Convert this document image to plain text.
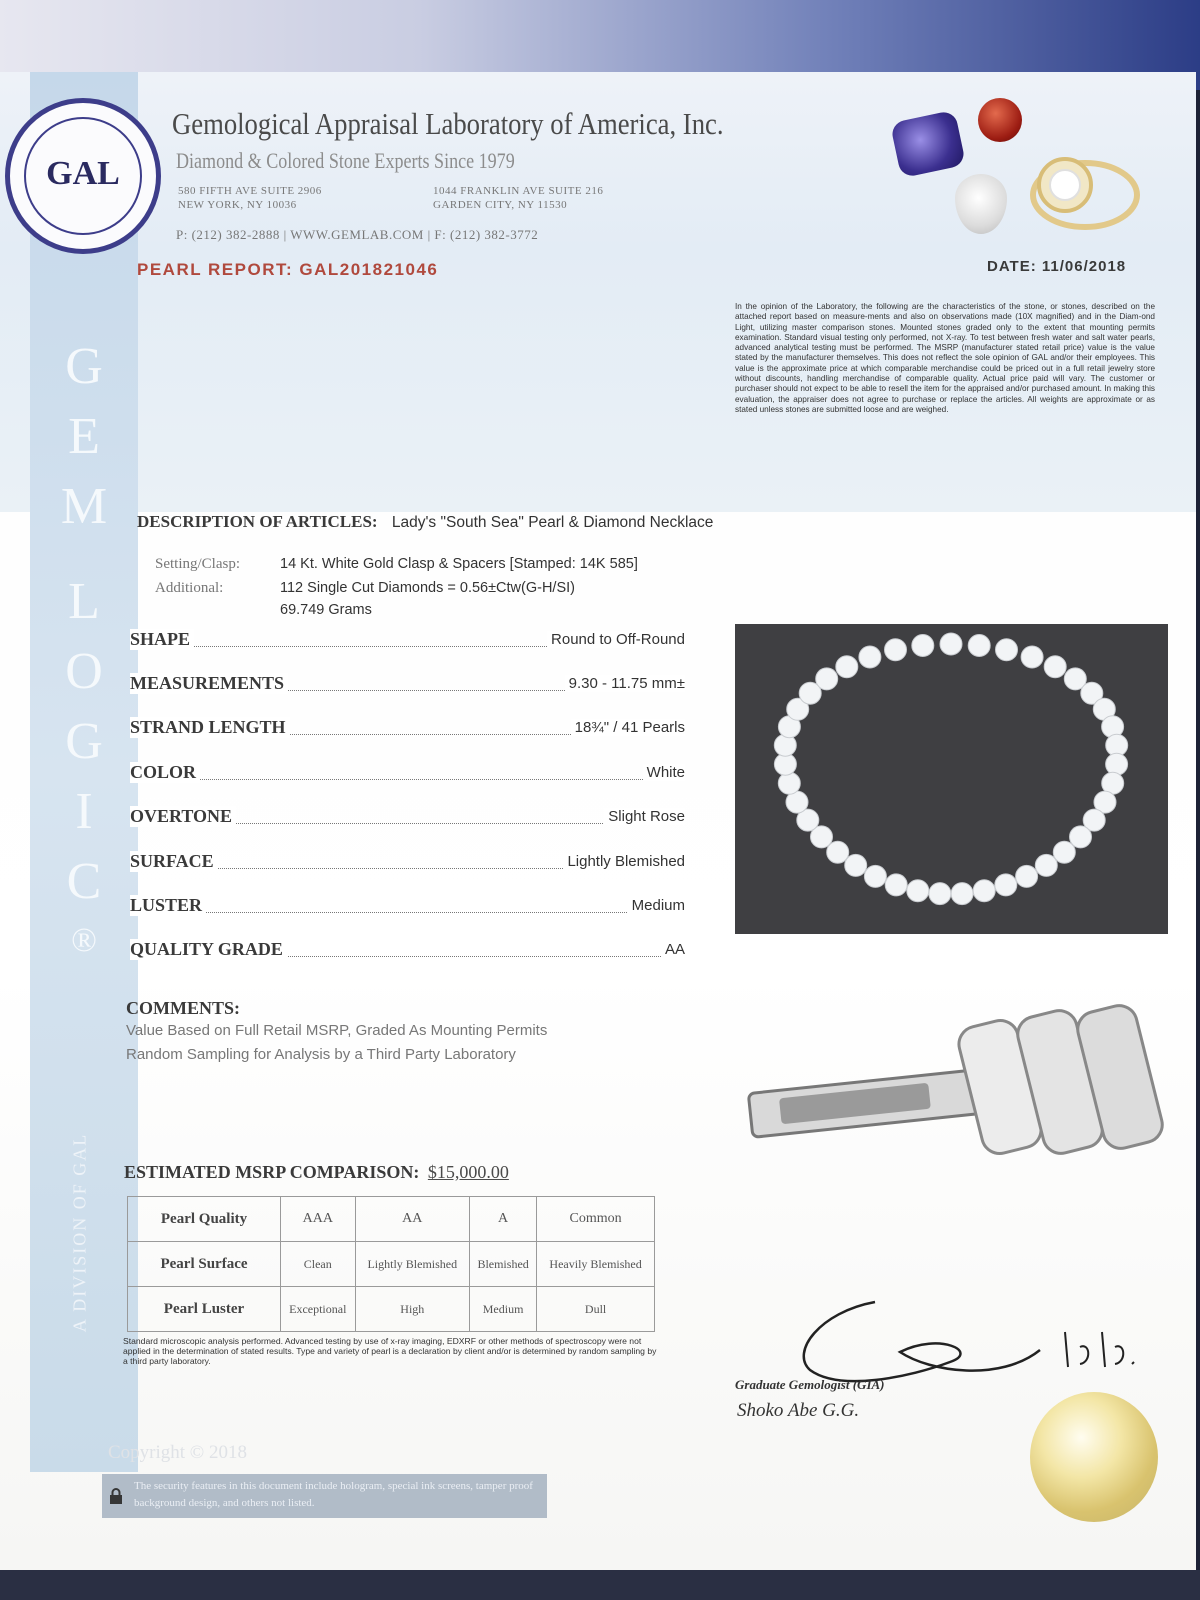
G
E
M
L
O
G
I
C
®
A DIVISION OF GAL
GAL
Gemological Appraisal Laboratory of America, Inc.
Diamond & Colored Stone Experts Since 1979
580 FIFTH AVE SUITE 2906
NEW YORK, NY 10036
1044 FRANKLIN AVE SUITE 216
GARDEN CITY, NY 11530
P: (212) 382-2888 | WWW.GEMLAB.COM | F: (212) 382-3772
PEARL REPORT: GAL201821046	DATE: 11/06/2018
In the opinion of the Laboratory, the following are the characteristics of the stone, or stones, described on the attached report based on measure-ments and also on observations made (10X magnified) and in the Diam-ond Light, utilizing master comparison stones. Mounted stones graded only to the extent that mounting permits examination. Standard visual testing only performed, not X-ray. To test between fresh water and salt water pearls, advanced analytical testing must be performed. The MSRP (manufacturer stated retail price) value is the value stated by the manufacturer themselves. This does not reflect the sole opinion of GAL and/or their employees. This value is the approximate price at which comparable merchandise could be priced out in a full retail jewelry store without discounts, handling merchandise of comparable quality. Actual price paid will vary. The customer or purchaser should not expect to be able to resell the item for the appraised and/or purchased amount. In making this evaluation, the appraiser does not agree to purchase or replace the articles. All weights are approximate or as stated unless stones are submitted loose and are weighed.
DESCRIPTION OF ARTICLES: Lady's "South Sea" Pearl & Diamond Necklace
Setting/Clasp:	14 Kt. White Gold Clasp & Spacers [Stamped: 14K 585]
Additional:	112 Single Cut Diamonds = 0.56±Ctw(G-H/SI)
69.749 Grams
SHAPE	Round to Off-Round
MEASUREMENTS	9.30 - 11.75 mm±
STRAND LENGTH	18¾" / 41 Pearls
COLOR	White
OVERTONE	Slight Rose
SURFACE	Lightly Blemished
LUSTER	Medium
QUALITY GRADE	AA
COMMENTS:
Value Based on Full Retail MSRP, Graded As Mounting Permits
Random Sampling for Analysis by a Third Party Laboratory
ESTIMATED MSRP COMPARISON: $15,000.00
Pearl Quality	AAA	AA	A	Common
Pearl Surface	Clean	Lightly Blemished	Blemished	Heavily Blemished
Pearl Luster	Exceptional	High	Medium	Dull
Standard microscopic analysis performed. Advanced testing by use of x-ray imaging, EDXRF or other methods of spectroscopy were not applied in the determination of stated results. Type and variety of pearl is a declaration by client and/or is determined by random sampling by a third party laboratory.
Graduate Gemologist (GIA)
Shoko Abe G.G.
Copyright © 2018
The security features in this document include hologram, special ink screens, tamper proof background design, and others not listed.
